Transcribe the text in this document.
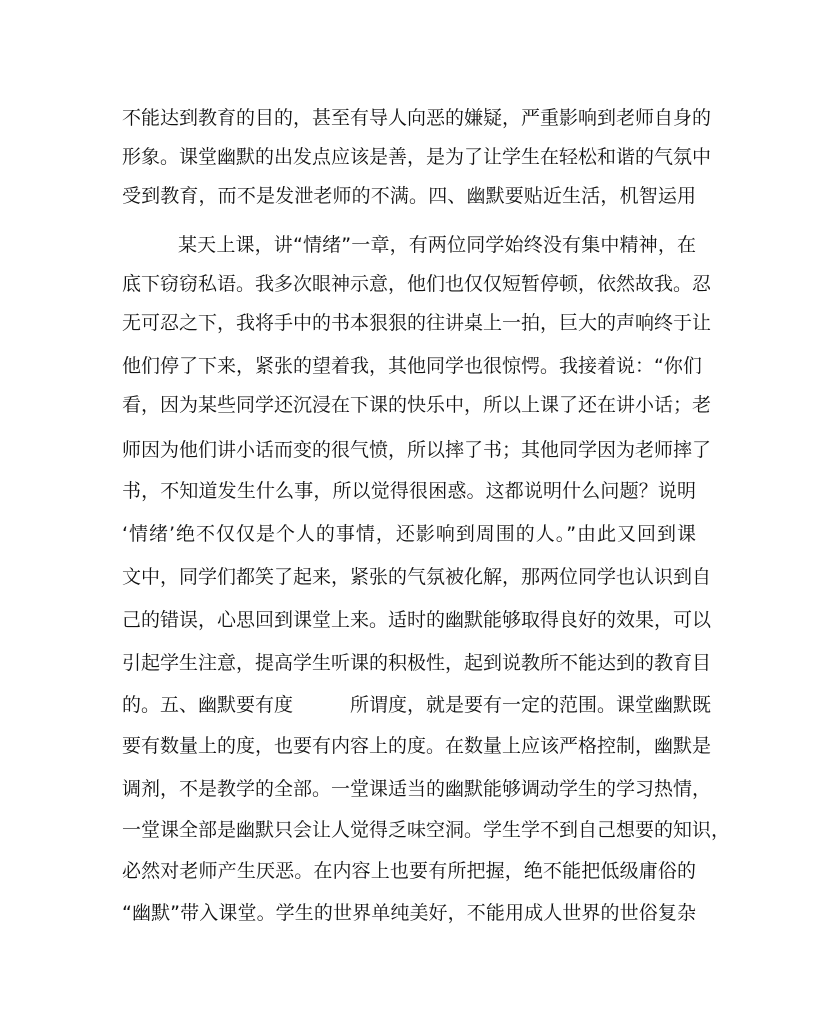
不能达到教育的目的，甚至有导人向恶的嫌疑，严重影响到老师自身的
形象。课堂幽默的出发点应该是善，是为了让学生在轻松和谐的气氛中
受到教育，而不是发泄老师的不满。四、幽默要贴近生活，机智运用
某天上课，讲“情绪”一章，有两位同学始终没有集中精神，在
底下窃窃私语。我多次眼神示意，他们也仅仅短暂停顿，依然故我。忍
无可忍之下，我将手中的书本狠狠的往讲桌上一拍，巨大的声响终于让
他们停了下来，紧张的望着我，其他同学也很惊愕。我接着说：“你们
看，因为某些同学还沉浸在下课的快乐中，所以上课了还在讲小话；老
师因为他们讲小话而变的很气愤，所以摔了书；其他同学因为老师摔了
书，不知道发生什么事，所以觉得很困惑。这都说明什么问题？说明
‘情绪’绝不仅仅是个人的事情，还影响到周围的人。”由此又回到课
文中，同学们都笑了起来，紧张的气氛被化解，那两位同学也认识到自
己的错误，心思回到课堂上来。适时的幽默能够取得良好的效果，可以
引起学生注意，提高学生听课的积极性，起到说教所不能达到的教育目
的。五、幽默要有度　　　所谓度，就是要有一定的范围。课堂幽默既
要有数量上的度，也要有内容上的度。在数量上应该严格控制，幽默是
调剂，不是教学的全部。一堂课适当的幽默能够调动学生的学习热情，
一堂课全部是幽默只会让人觉得乏味空洞。学生学不到自己想要的知识，
必然对老师产生厌恶。在内容上也要有所把握，绝不能把低级庸俗的
“幽默”带入课堂。学生的世界单纯美好，不能用成人世界的世俗复杂
